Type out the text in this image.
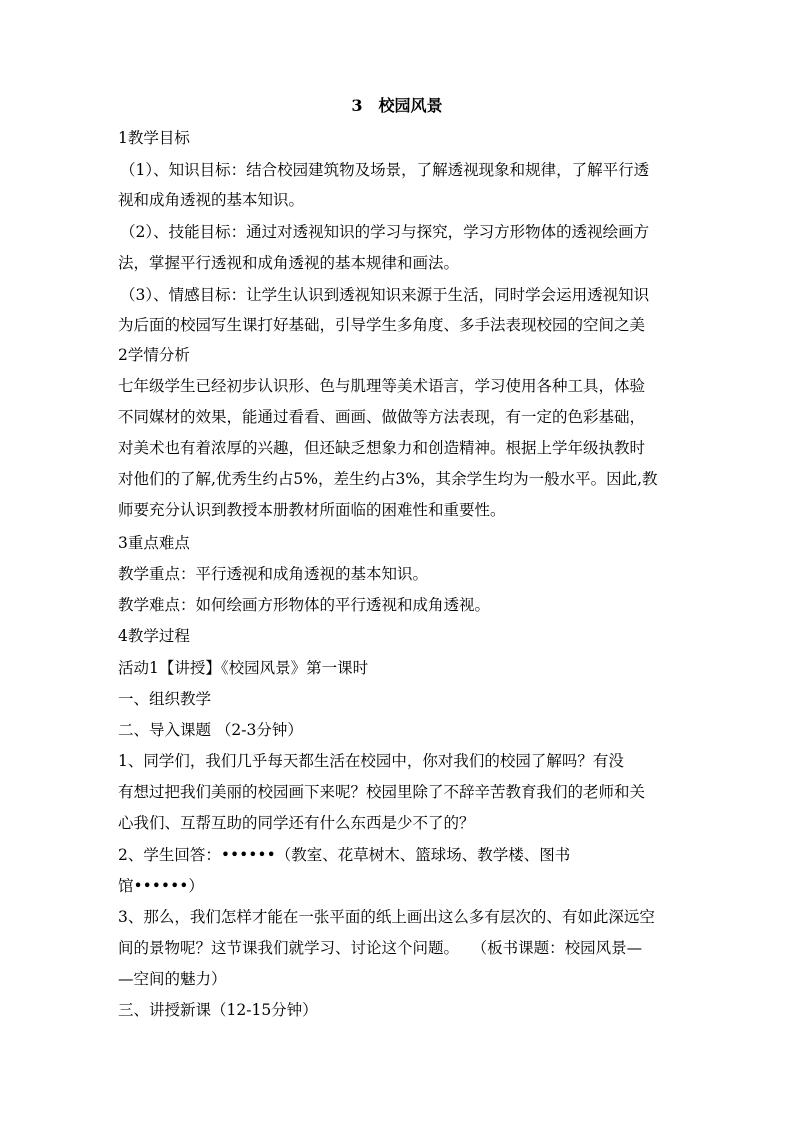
3　校园风景
1教学目标
（1）、知识目标：结合校园建筑物及场景，了解透视现象和规律，了解平行透
视和成角透视的基本知识。
（2）、技能目标：通过对透视知识的学习与探究，学习方形物体的透视绘画方
法，掌握平行透视和成角透视的基本规律和画法。
（3）、情感目标：让学生认识到透视知识来源于生活，同时学会运用透视知识
为后面的校园写生课打好基础，引导学生多角度、多手法表现校园的空间之美
2学情分析
七年级学生已经初步认识形、色与肌理等美术语言，学习使用各种工具，体验
不同媒材的效果，能通过看看、画画、做做等方法表现，有一定的色彩基础，
对美术也有着浓厚的兴趣，但还缺乏想象力和创造精神。根据上学年级执教时
对他们的了解,优秀生约占5%，差生约占3%，其余学生均为一般水平。因此,教
师要充分认识到教授本册教材所面临的困难性和重要性。
3重点难点
教学重点：平行透视和成角透视的基本知识。
教学难点：如何绘画方形物体的平行透视和成角透视。
4教学过程
活动1【讲授】《校园风景》第一课时
一、组织教学
二、导入课题 （2-3分钟）
1、同学们，我们几乎每天都生活在校园中，你对我们的校园了解吗？有没
有想过把我们美丽的校园画下来呢？校园里除了不辞辛苦教育我们的老师和关
心我们、互帮互助的同学还有什么东西是少不了的？
2、学生回答：••••••（教室、花草树木、篮球场、教学楼、图书
馆••••••）
3、那么，我们怎样才能在一张平面的纸上画出这么多有层次的、有如此深远空
间的景物呢？这节课我们就学习、讨论这个问题。　 （板书课题：校园风景—
—空间的魅力）
三、讲授新课（12-15分钟）
